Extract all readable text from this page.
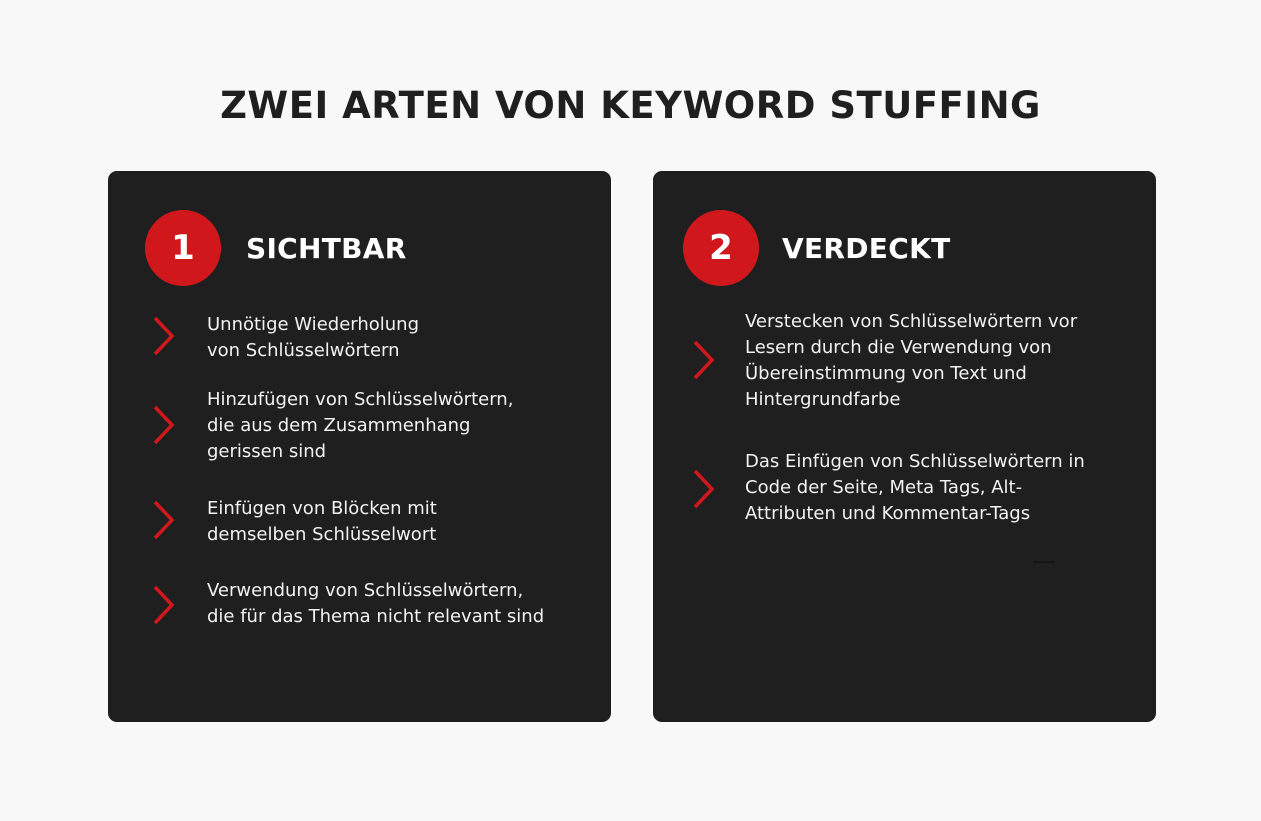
ZWEI ARTEN VON KEYWORD STUFFING
1	SICHTBAR
Unnötige Wiederholung
von Schlüsselwörtern
Hinzufügen von Schlüsselwörtern,
die aus dem Zusammenhang
gerissen sind
Einfügen von Blöcken mit
demselben Schlüsselwort
Verwendung von Schlüsselwörtern,
die für das Thema nicht relevant sind
2	VERDECKT
Verstecken von Schlüsselwörtern vor
Lesern durch die Verwendung von
Übereinstimmung von Text und
Hintergrundfarbe
Das Einfügen von Schlüsselwörtern in
Code der Seite, Meta Tags, Alt-
Attributen und Kommentar-Tags
